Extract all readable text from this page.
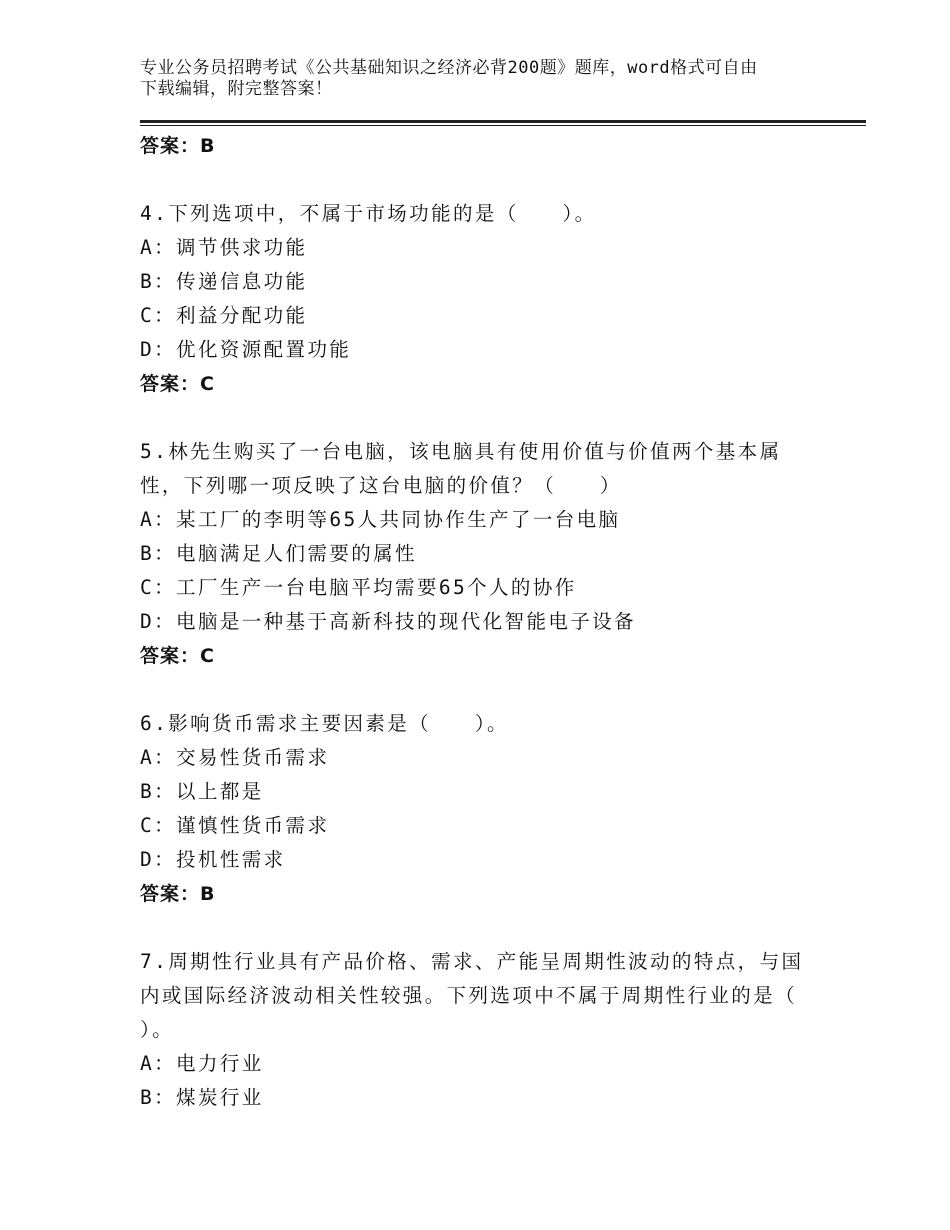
专业公务员招聘考试《公共基础知识之经济必背200题》题库，word格式可自由
下载编辑，附完整答案！
答案：B
4.下列选项中，不属于市场功能的是（　　）。
A：调节供求功能
B：传递信息功能
C：利益分配功能
D：优化资源配置功能
答案：C
5.林先生购买了一台电脑，该电脑具有使用价值与价值两个基本属
性，下列哪一项反映了这台电脑的价值？（　　）
A：某工厂的李明等65人共同协作生产了一台电脑
B：电脑满足人们需要的属性
C：工厂生产一台电脑平均需要65个人的协作
D：电脑是一种基于高新科技的现代化智能电子设备
答案：C
6.影响货币需求主要因素是（　　）。
A：交易性货币需求
B：以上都是
C：谨慎性货币需求
D：投机性需求
答案：B
7.周期性行业具有产品价格、需求、产能呈周期性波动的特点，与国
内或国际经济波动相关性较强。下列选项中不属于周期性行业的是（
）。
A：电力行业
B：煤炭行业
